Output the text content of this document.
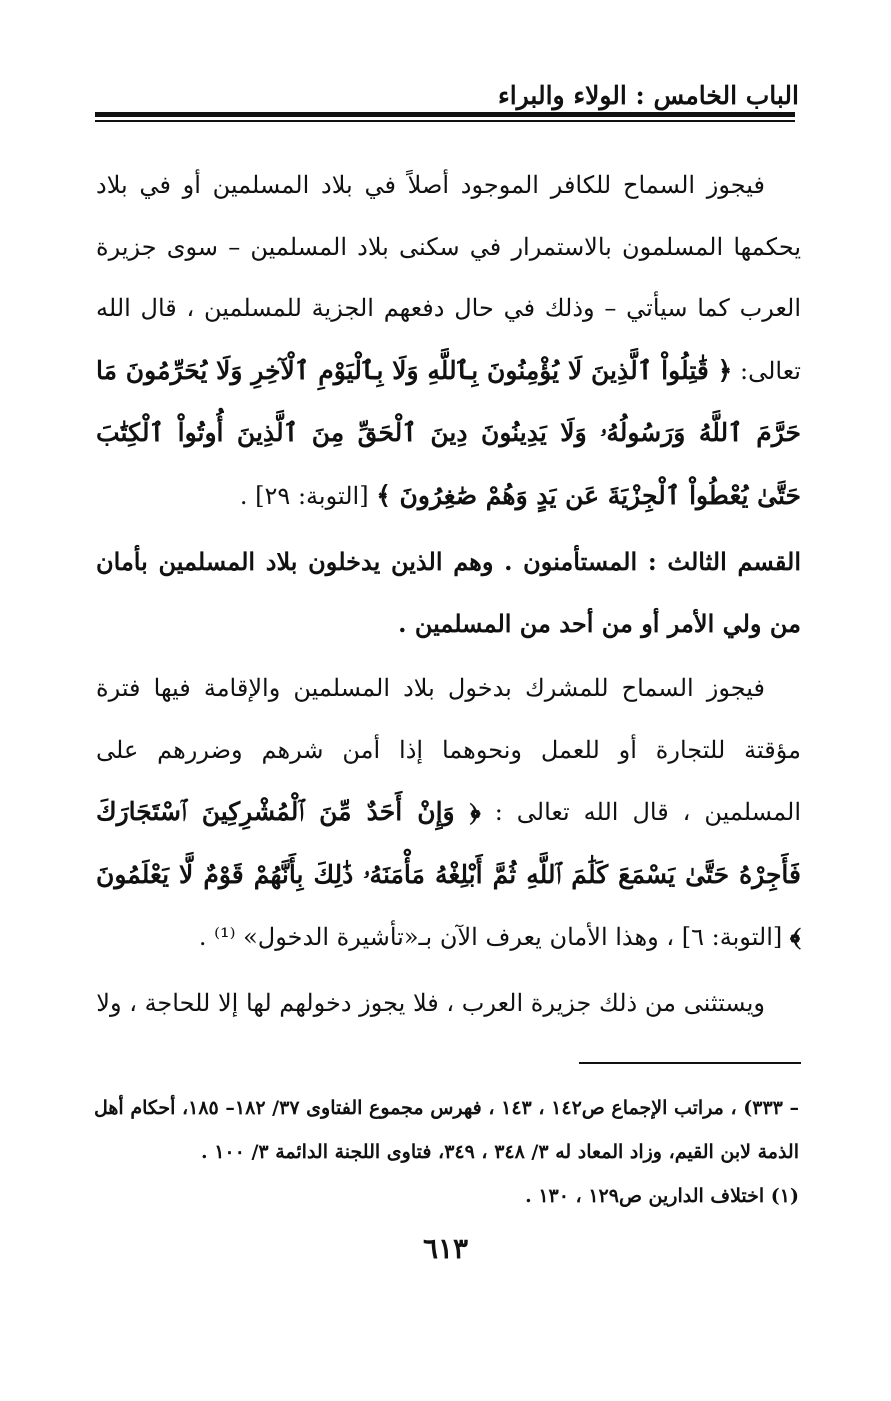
الباب الخامس : الولاء والبراء

فيجوز السماح للكافر الموجود أصلاً في بلاد المسلمين أو في بلاد يحكمها المسلمون بالاستمرار في سكنى بلاد المسلمين – سوى جزيرة العرب كما سيأتي – وذلك في حال دفعهم الجزية للمسلمين ، قال الله تعالى: ﴿ قَٰتِلُواْ ٱلَّذِينَ لَا يُؤْمِنُونَ بِٱللَّهِ وَلَا بِٱلْيَوْمِ ٱلْآخِرِ وَلَا يُحَرِّمُونَ مَا حَرَّمَ ٱللَّهُ وَرَسُولُهُۥ وَلَا يَدِينُونَ دِينَ ٱلْحَقِّ مِنَ ٱلَّذِينَ أُوتُواْ ٱلْكِتَٰبَ حَتَّىٰ يُعْطُواْ ٱلْجِزْيَةَ عَن يَدٍ وَهُمْ صَٰغِرُونَ ﴾ [التوبة: ٢٩] .

القسم الثالث : المستأمنون . وهم الذين يدخلون بلاد المسلمين بأمان من ولي الأمر أو من أحد من المسلمين .

فيجوز السماح للمشرك بدخول بلاد المسلمين والإقامة فيها فترة مؤقتة للتجارة أو للعمل ونحوهما إذا أمن شرهم وضررهم على المسلمين ، قال الله تعالى : ﴿ وَإِنْ أَحَدٌ مِّنَ ٱلْمُشْرِكِينَ ٱسْتَجَارَكَ فَأَجِرْهُ حَتَّىٰ يَسْمَعَ كَلَٰمَ ٱللَّهِ ثُمَّ أَبْلِغْهُ مَأْمَنَهُۥ ذَٰلِكَ بِأَنَّهُمْ قَوْمٌ لَّا يَعْلَمُونَ ﴾ [التوبة: ٦] ، وهذا الأمان يعرف الآن بـ«تأشيرة الدخول» ⁽¹⁾ .

ويستثنى من ذلك جزيرة العرب ، فلا يجوز دخولهم لها إلا للحاجة ، ولا

– ٣٣٣) ، مراتب الإجماع ص١٤٢ ، ١٤٣ ، فهرس مجموع الفتاوى ٣٧/ ١٨٢– ١٨٥، أحكام أهل الذمة لابن القيم، وزاد المعاد له ٣/ ٣٤٨ ، ٣٤٩، فتاوى اللجنة الدائمة ٣/ ١٠٠ .

(١) اختلاف الدارين ص١٢٩ ، ١٣٠ .

٦١٣
